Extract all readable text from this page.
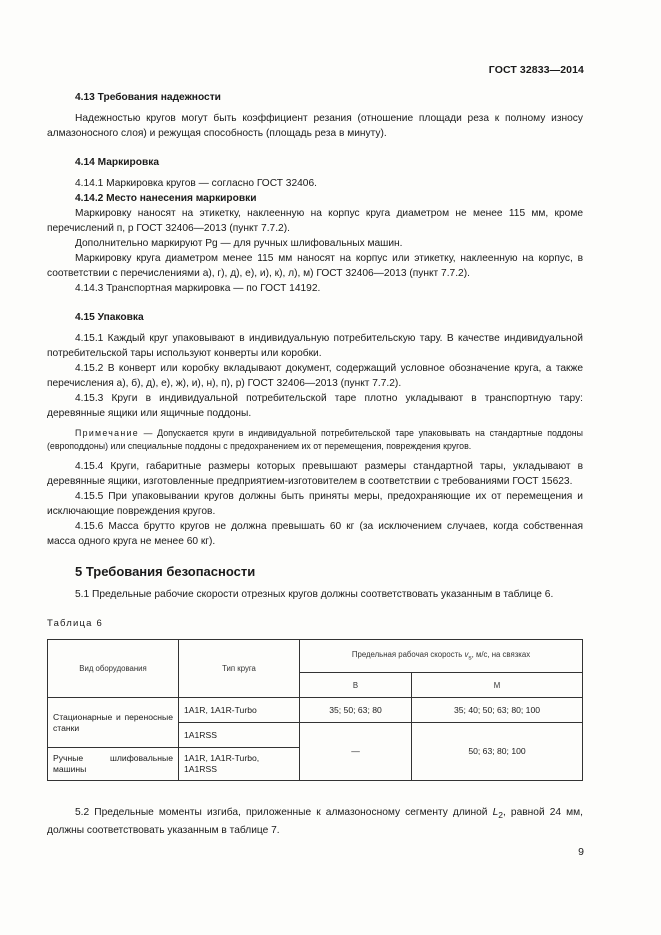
ГОСТ 32833—2014

4.13 Требования надежности

Надежностью кругов могут быть коэффициент резания (отношение площади реза к полному износу алмазоносного слоя) и режущая способность (площадь реза в минуту).

4.14 Маркировка

4.14.1 Маркировка кругов — согласно ГОСТ 32406.

4.14.2 Место нанесения маркировки

Маркировку наносят на этикетку, наклеенную на корпус круга диаметром не менее 115 мм, кроме перечислений п, р ГОСТ 32406—2013 (пункт 7.7.2).

Дополнительно маркируют Pg — для ручных шлифовальных машин.

Маркировку круга диаметром менее 115 мм наносят на корпус или этикетку, наклеенную на корпус, в соответствии с перечислениями а), г), д), е), и), к), л), м) ГОСТ 32406—2013 (пункт 7.7.2).

4.14.3 Транспортная маркировка — по ГОСТ 14192.

4.15 Упаковка

4.15.1 Каждый круг упаковывают в индивидуальную потребительскую тару. В качестве индивидуальной потребительской тары используют конверты или коробки.

4.15.2 В конверт или коробку вкладывают документ, содержащий условное обозначение круга, а также перечисления а), б), д), е), ж), и), н), п), р) ГОСТ 32406—2013 (пункт 7.7.2).

4.15.3 Круги в индивидуальной потребительской таре плотно укладывают в транспортную тару: деревянные ящики или ящичные поддоны.

Примечание — Допускается круги в индивидуальной потребительской таре упаковывать на стандартные поддоны (европоддоны) или специальные поддоны с предохранением их от перемещения, повреждения кругов.

4.15.4 Круги, габаритные размеры которых превышают размеры стандартной тары, укладывают в деревянные ящики, изготовленные предприятием-изготовителем в соответствии с требованиями ГОСТ 15623.

4.15.5 При упаковывании кругов должны быть приняты меры, предохраняющие их от перемещения и исключающие повреждения кругов.

4.15.6 Масса брутто кругов не должна превышать 60 кг (за исключением случаев, когда собственная масса одного круга не менее 60 кг).

5 Требования безопасности

5.1 Предельные рабочие скорости отрезных кругов должны соответствовать указанным в таблице 6.

Таблица 6

Вид оборудования	Тип круга	Предельная рабочая скорость $v_s$, м/с, на связках	
		B	M
Стационарные и переносные станки	1A1R, 1A1R-Turbo	35; 50; 63; 80	35; 40; 50; 63; 80; 100
	1A1RSS	—	50; 63; 80; 100
Ручные шлифовальные машины	1A1R, 1A1R-Turbo, 1A1RSS		

5.2 Предельные моменты изгиба, приложенные к алмазоносному сегменту длиной $L_2$, равной 24 мм, должны соответствовать указанным в таблице 7.

9
